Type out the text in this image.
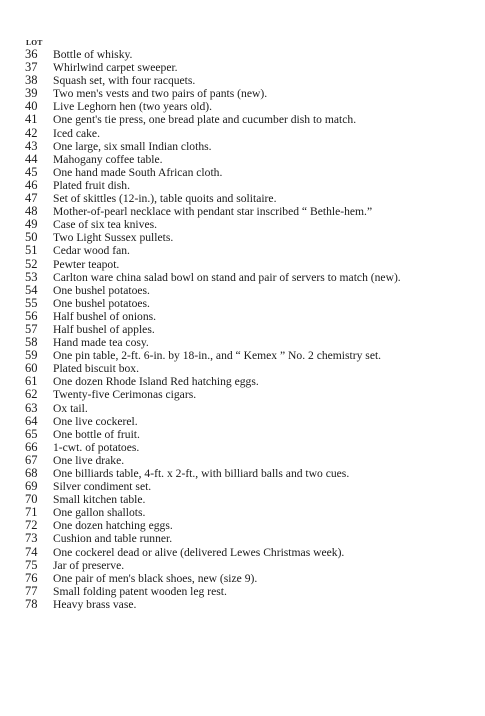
LOT
36	Bottle of whisky.
37	Whirlwind carpet sweeper.
38	Squash set, with four racquets.
39	Two men's vests and two pairs of pants (new).
40	Live Leghorn hen (two years old).
41	One gent's tie press, one bread plate and cucumber dish to match.
42	Iced cake.
43	One large, six small Indian cloths.
44	Mahogany coffee table.
45	One hand made South African cloth.
46	Plated fruit dish.
47	Set of skittles (12-in.), table quoits and solitaire.
48	Mother-of-pearl necklace with pendant star inscribed “ Bethle-hem.”
49	Case of six tea knives.
50	Two Light Sussex pullets.
51	Cedar wood fan.
52	Pewter teapot.
53	Carlton ware china salad bowl on stand and pair of servers to match (new).
54	One bushel potatoes.
55	One bushel potatoes.
56	Half bushel of onions.
57	Half bushel of apples.
58	Hand made tea cosy.
59	One pin table, 2-ft. 6-in. by 18-in., and “ Kemex ” No. 2 chemistry set.
60	Plated biscuit box.
61	One dozen Rhode Island Red hatching eggs.
62	Twenty-five Cerimonas cigars.
63	Ox tail.
64	One live cockerel.
65	One bottle of fruit.
66	1-cwt. of potatoes.
67	One live drake.
68	One billiards table, 4-ft. x 2-ft., with billiard balls and two cues.
69	Silver condiment set.
70	Small kitchen table.
71	One gallon shallots.
72	One dozen hatching eggs.
73	Cushion and table runner.
74	One cockerel dead or alive (delivered Lewes Christmas week).
75	Jar of preserve.
76	One pair of men's black shoes, new (size 9).
77	Small folding patent wooden leg rest.
78	Heavy brass vase.
